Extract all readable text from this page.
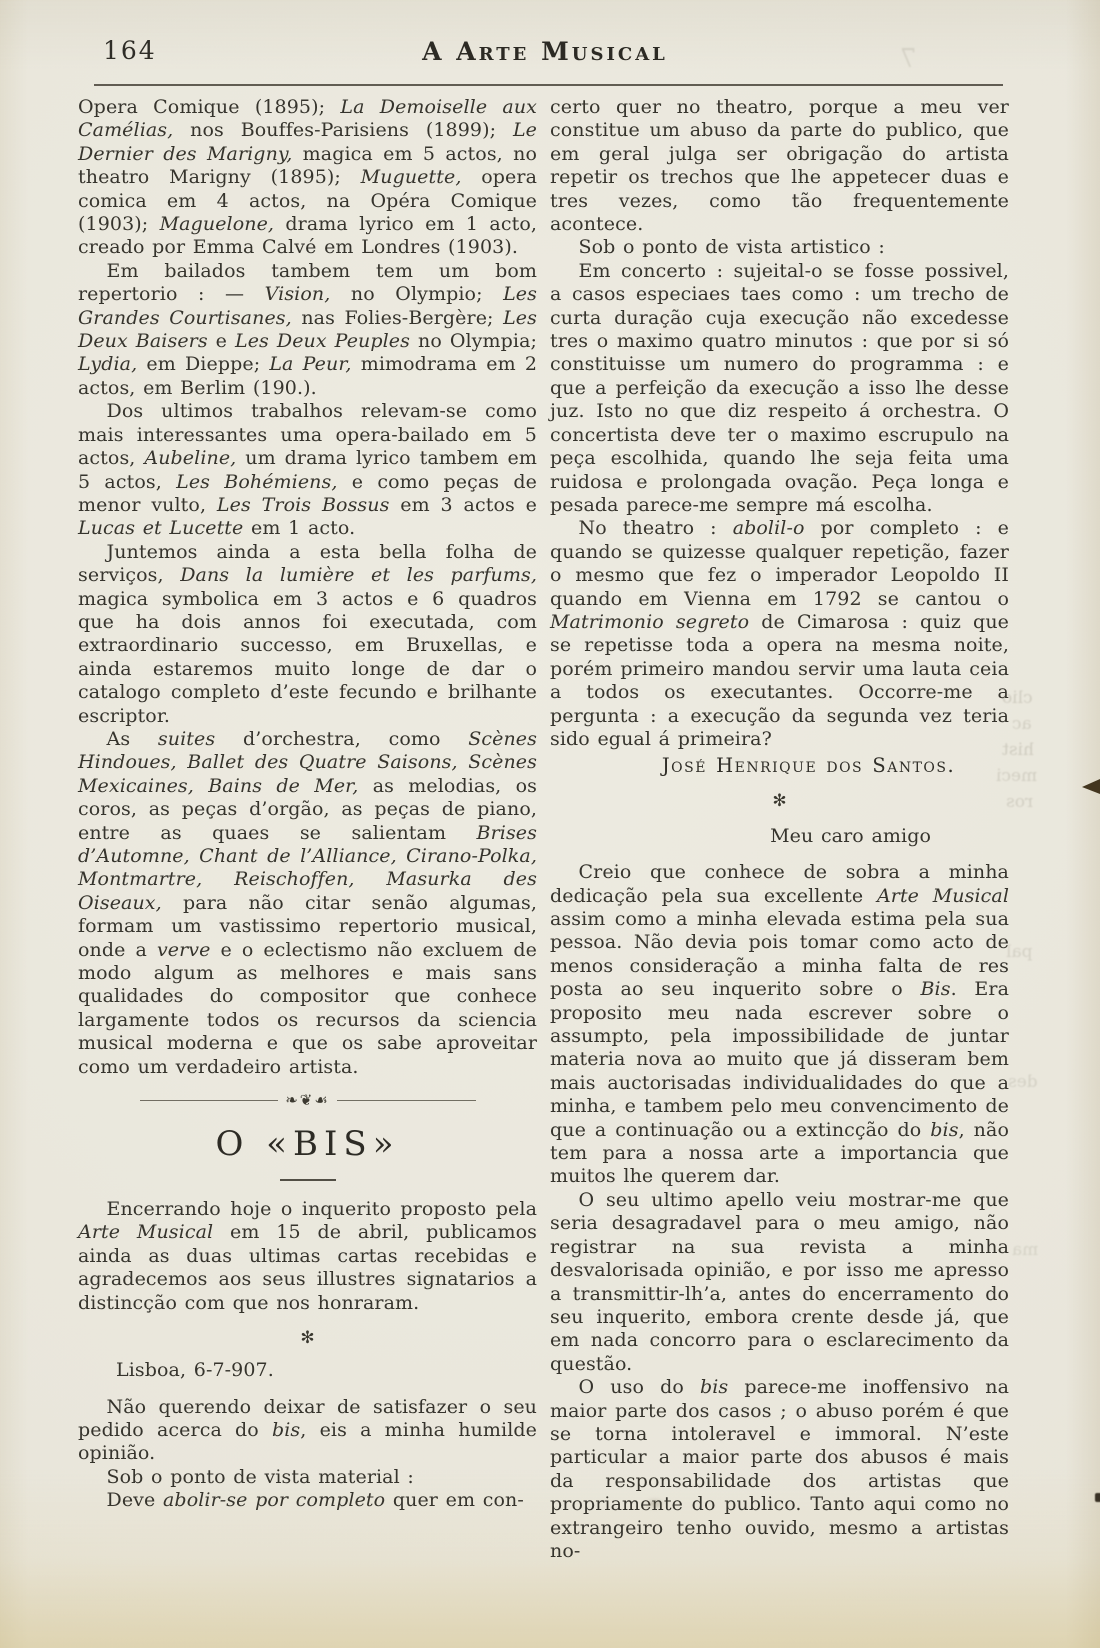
164	A Arte Musical

Opera Comique (1895); La Demoiselle aux Camélias, nos Bouffes-Parisiens (1899); Le Dernier des Marigny, magica em 5 actos, no theatro Marigny (1895); Muguette, opera comica em 4 actos, na Opéra Comique (1903); Maguelone, drama lyrico em 1 acto, creado por Emma Calvé em Londres (1903).

Em bailados tambem tem um bom repertorio : — Vision, no Olympio; Les Grandes Courtisanes, nas Folies-Bergère; Les Deux Baisers e Les Deux Peuples no Olympia; Lydia, em Dieppe; La Peur, mimodrama em 2 actos, em Berlim (190.).

Dos ultimos trabalhos relevam-se como mais interessantes uma opera-bailado em 5 actos, Aubeline, um drama lyrico tambem em 5 actos, Les Bohémiens, e como peças de menor vulto, Les Trois Bossus em 3 actos e Lucas et Lucette em 1 acto.

Juntemos ainda a esta bella folha de serviços, Dans la lumière et les parfums, magica symbolica em 3 actos e 6 quadros que ha dois annos foi executada, com extraordinario successo, em Bruxellas, e ainda estaremos muito longe de dar o catalogo completo d’este fecundo e brilhante escriptor.

As suites d’orchestra, como Scènes Hindoues, Ballet des Quatre Saisons, Scènes Mexicaines, Bains de Mer, as melodias, os coros, as peças d’orgão, as peças de piano, entre as quaes se salientam Brises d’Automne, Chant de l’Alliance, Cirano-Polka, Montmartre, Reischoffen, Masurka des Oiseaux, para não citar senão algumas, formam um vastissimo repertorio musical, onde a verve e o eclectismo não excluem de modo algum as melhores e mais sans qualidades do compositor que conhece largamente todos os recursos da sciencia musical moderna e que os sabe aproveitar como um verdadeiro artista.

❧❦☙
O «BIS»

Encerrando hoje o inquerito proposto pela Arte Musical em 15 de abril, publicamos ainda as duas ultimas cartas recebidas e agradecemos aos seus illustres signatarios a distincção com que nos honraram.

✻

Lisboa, 6-7-907.

Não querendo deixar de satisfazer o seu pedido acerca do bis, eis a minha humilde opinião.

Sob o ponto de vista material :

Deve abolir-se por completo quer em con-

certo quer no theatro, porque a meu ver constitue um abuso da parte do publico, que em geral julga ser obrigação do artista repetir os trechos que lhe appetecer duas e tres vezes, como tão frequentemente acontece.

Sob o ponto de vista artistico :

Em concerto : sujeital-o se fosse possivel, a casos especiaes taes como : um trecho de curta duração cuja execução não excedesse tres o maximo quatro minutos : que por si só constituisse um numero do programma : e que a perfeição da execução a isso lhe desse juz. Isto no que diz respeito á orchestra. O concertista deve ter o maximo escrupulo na peça escolhida, quando lhe seja feita uma ruidosa e prolongada ovação. Peça longa e pesada parece-me sempre má escolha.

No theatro : abolil-o por completo : e quando se quizesse qualquer repetição, fazer o mesmo que fez o imperador Leopoldo II quando em Vienna em 1792 se cantou o Matrimonio segreto de Cimarosa : quiz que se repetisse toda a opera na mesma noite, porém primeiro mandou servir uma lauta ceia a todos os executantes. Occorre-me a pergunta : a execução da segunda vez teria sido egual á primeira?

José Henrique dos Santos.

✻

Meu caro amigo

Creio que conhece de sobra a minha dedicação pela sua excellente Arte Musical assim como a minha elevada estima pela sua pessoa. Não devia pois tomar como acto de menos consideração a minha falta de res posta ao seu inquerito sobre o Bis. Era proposito meu nada escrever sobre o assumpto, pela impossibilidade de juntar materia nova ao muito que já disseram bem mais auctorisadas individualidades do que a minha, e tambem pelo meu convencimento de que a continuação ou a extincção do bis, não tem para a nossa arte a importancia que muitos lhe querem dar.

O seu ultimo apello veiu mostrar-me que seria desagradavel para o meu amigo, não registrar na sua revista a minha desvalorisada opinião, e por isso me apresso a transmittir-lh’a, antes do encerramento do seu inquerito, embora crente desde já, que em nada concorro para o esclarecimento da questão.

O uso do bis parece-me inoffensivo na maior parte dos casos ; o abuso porém é que se torna intoleravel e immoral. N’este particular a maior parte dos abusos é mais da responsabilidade dos artistas que propriamente do publico. Tanto aqui como no extrangeiro tenho ouvido, mesmo a artistas no-

7
clio
ac
hist
meci
ros
pal
des
ma
